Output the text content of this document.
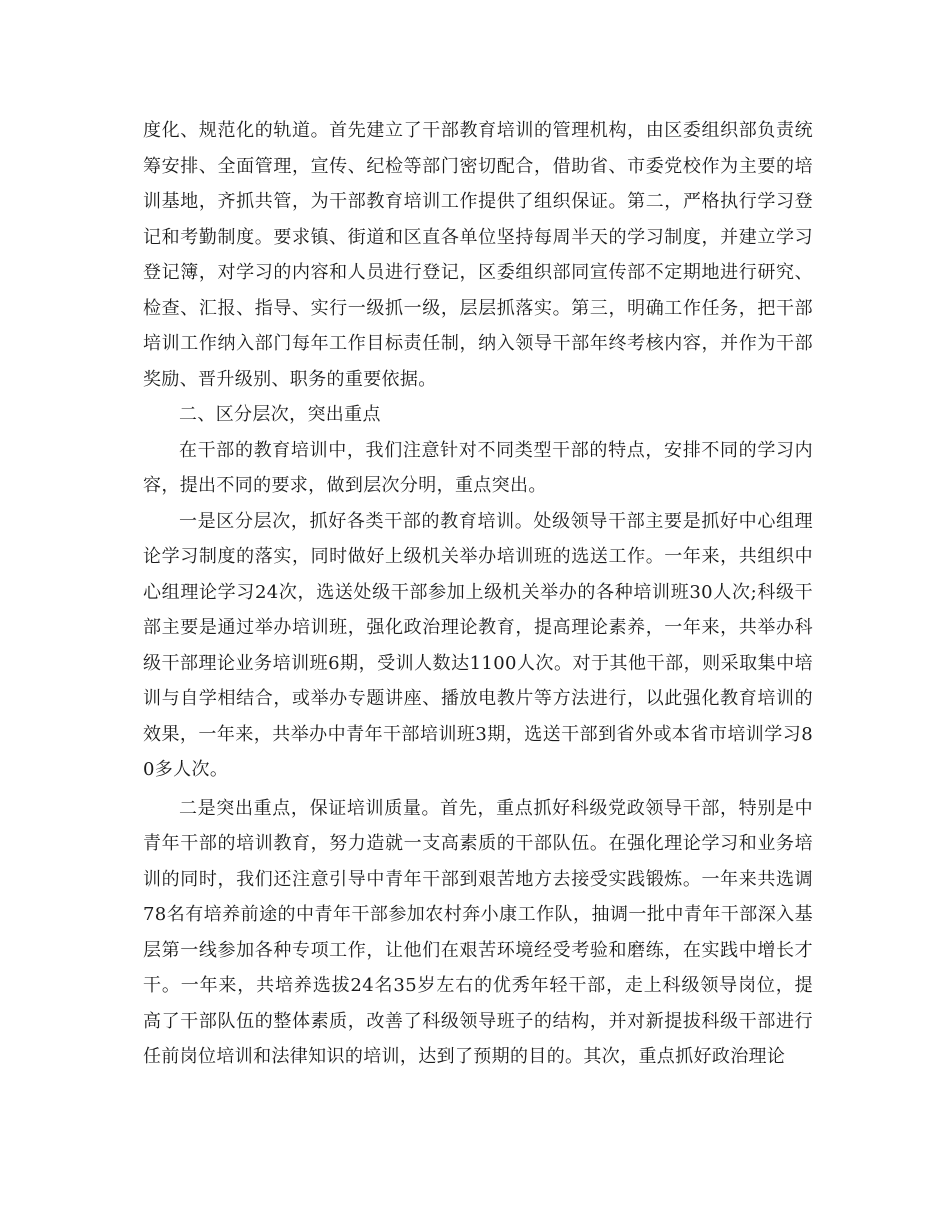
度化、规范化的轨道。首先建立了干部教育培训的管理机构，由区委组织部负责统筹安排、全面管理，宣传、纪检等部门密切配合，借助省、市委党校作为主要的培训基地，齐抓共管，为干部教育培训工作提供了组织保证。第二，严格执行学习登记和考勤制度。要求镇、街道和区直各单位坚持每周半天的学习制度，并建立学习登记簿，对学习的内容和人员进行登记，区委组织部同宣传部不定期地进行研究、检查、汇报、指导、实行一级抓一级，层层抓落实。第三，明确工作任务，把干部培训工作纳入部门每年工作目标责任制，纳入领导干部年终考核内容，并作为干部奖励、晋升级别、职务的重要依据。

二、区分层次，突出重点

在干部的教育培训中，我们注意针对不同类型干部的特点，安排不同的学习内容，提出不同的要求，做到层次分明，重点突出。

一是区分层次，抓好各类干部的教育培训。处级领导干部主要是抓好中心组理论学习制度的落实，同时做好上级机关举办培训班的选送工作。一年来，共组织中心组理论学习24次，选送处级干部参加上级机关举办的各种培训班30人次;科级干部主要是通过举办培训班，强化政治理论教育，提高理论素养，一年来，共举办科级干部理论业务培训班6期，受训人数达1100人次。对于其他干部，则采取集中培训与自学相结合，或举办专题讲座、播放电教片等方法进行，以此强化教育培训的效果，一年来，共举办中青年干部培训班3期，选送干部到省外或本省市培训学习80多人次。

二是突出重点，保证培训质量。首先，重点抓好科级党政领导干部，特别是中青年干部的培训教育，努力造就一支高素质的干部队伍。在强化理论学习和业务培训的同时，我们还注意引导中青年干部到艰苦地方去接受实践锻炼。一年来共选调78名有培养前途的中青年干部参加农村奔小康工作队，抽调一批中青年干部深入基层第一线参加各种专项工作，让他们在艰苦环境经受考验和磨练，在实践中增长才干。一年来，共培养选拔24名35岁左右的优秀年轻干部，走上科级领导岗位，提高了干部队伍的整体素质，改善了科级领导班子的结构，并对新提拔科级干部进行任前岗位培训和法律知识的培训，达到了预期的目的。其次，重点抓好政治理论
